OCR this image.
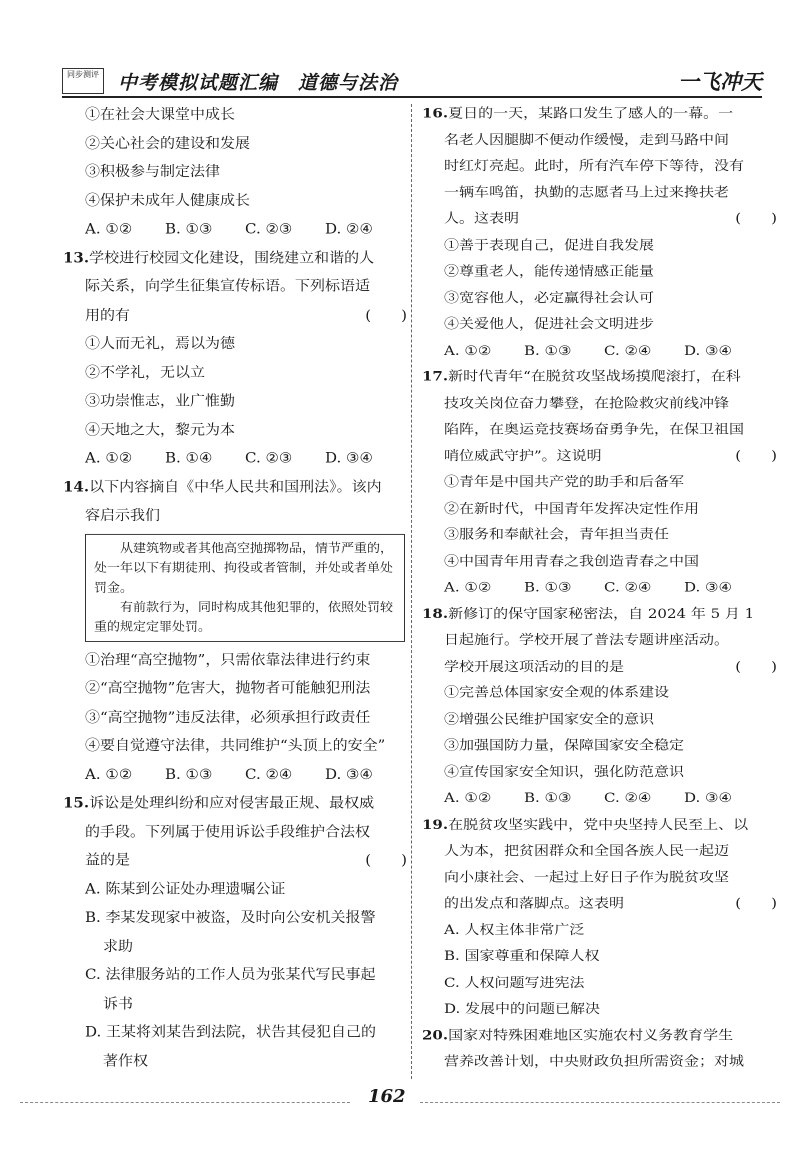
同步测评 中考模拟试题汇编　道德与法治	一飞冲天
①在社会大课堂中成长
②关心社会的建设和发展
③积极参与制定法律
④保护未成年人健康成长
A. ①② B. ①③ C. ②③ D. ②④
13.学校进行校园文化建设，围绕建立和谐的人
际关系，向学生征集宣传标语。下列标语适
用的有	(　　)
①人而无礼，焉以为德
②不学礼，无以立
③功崇惟志，业广惟勤
④天地之大，黎元为本
A. ①② B. ①④ C. ②③ D. ③④
14.以下内容摘自《中华人民共和国刑法》。该内
容启示我们

从建筑物或者其他高空抛掷物品，情节严重的，处一年以下有期徒刑、拘役或者管制，并处或者单处罚金。

有前款行为，同时构成其他犯罪的，依照处罚较重的规定定罪处罚。

①治理“高空抛物”，只需依靠法律进行约束
②“高空抛物”危害大，抛物者可能触犯刑法
③“高空抛物”违反法律，必须承担行政责任
④要自觉遵守法律，共同维护“头顶上的安全”
A. ①② B. ①③ C. ②④ D. ③④
15.诉讼是处理纠纷和应对侵害最正规、最权威
的手段。下列属于使用诉讼手段维护合法权
益的是	(　　)
A. 陈某到公证处办理遗嘱公证
B. 李某发现家中被盗，及时向公安机关报警
求助
C. 法律服务站的工作人员为张某代写民事起
诉书
D. 王某将刘某告到法院，状告其侵犯自己的
著作权
16.夏日的一天，某路口发生了感人的一幕。一
名老人因腿脚不便动作缓慢，走到马路中间
时红灯亮起。此时，所有汽车停下等待，没有
一辆车鸣笛，执勤的志愿者马上过来搀扶老
人。这表明	(　　)
①善于表现自己，促进自我发展
②尊重老人，能传递情感正能量
③宽容他人，必定赢得社会认可
④关爱他人，促进社会文明进步
A. ①② B. ①③ C. ②④ D. ③④
17.新时代青年“在脱贫攻坚战场摸爬滚打，在科
技攻关岗位奋力攀登，在抢险救灾前线冲锋
陷阵，在奥运竞技赛场奋勇争先，在保卫祖国
哨位威武守护”。这说明	(　　)
①青年是中国共产党的助手和后备军
②在新时代，中国青年发挥决定性作用
③服务和奉献社会，青年担当责任
④中国青年用青春之我创造青春之中国
A. ①② B. ①③ C. ②④ D. ③④
18.新修订的保守国家秘密法，自 2024 年 5 月 1
日起施行。学校开展了普法专题讲座活动。
学校开展这项活动的目的是	(　　)
①完善总体国家安全观的体系建设
②增强公民维护国家安全的意识
③加强国防力量，保障国家安全稳定
④宣传国家安全知识，强化防范意识
A. ①② B. ①③ C. ②④ D. ③④
19.在脱贫攻坚实践中，党中央坚持人民至上、以
人为本，把贫困群众和全国各族人民一起迈
向小康社会、一起过上好日子作为脱贫攻坚
的出发点和落脚点。这表明	(　　)
A. 人权主体非常广泛
B. 国家尊重和保障人权
C. 人权问题写进宪法
D. 发展中的问题已解决
20.国家对特殊困难地区实施农村义务教育学生
营养改善计划，中央财政负担所需资金；对城
162
